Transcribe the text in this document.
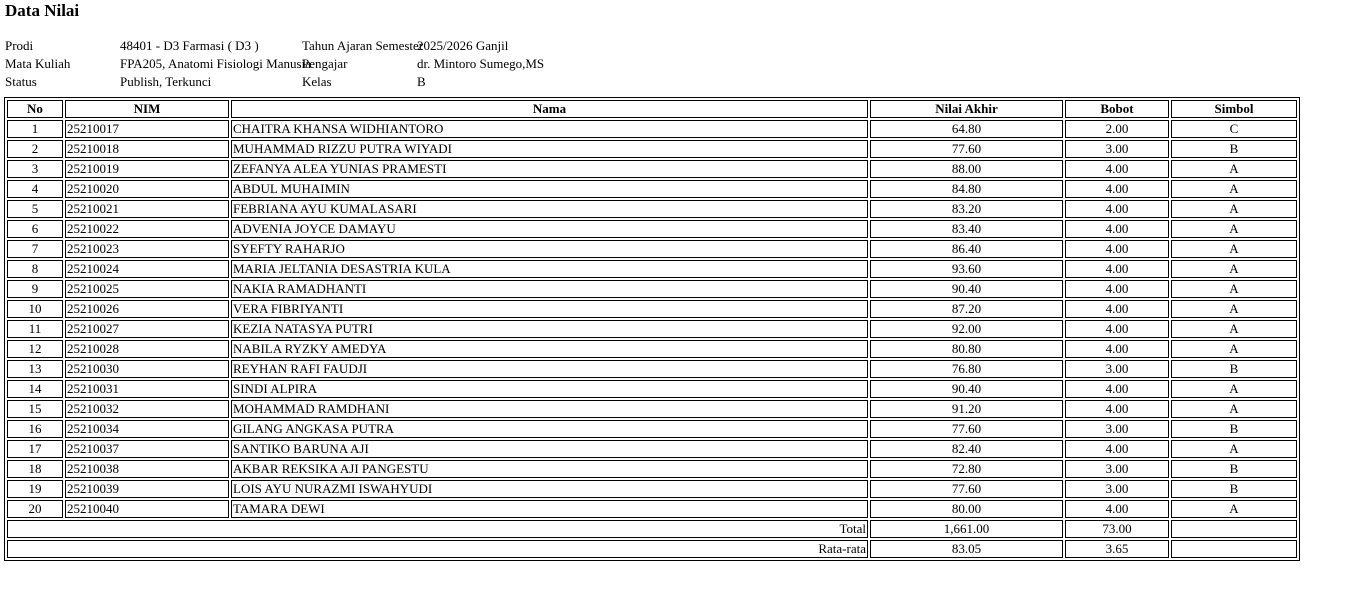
Data Nilai
Prodi	48401 - D3 Farmasi ( D3 )	Tahun Ajaran Semester
2025/2026 Ganjil
Mata Kuliah	FPA205, Anatomi Fisiologi Manusia
Pengajar	dr. Mintoro Sumego,MS
Status	Publish, Terkunci	Kelas	B
No	NIM	Nama	Nilai Akhir	Bobot	Simbol
1	25210017	CHAITRA KHANSA WIDHIANTORO	64.80	2.00	C
2	25210018	MUHAMMAD RIZZU PUTRA WIYADI	77.60	3.00	B
3	25210019	ZEFANYA ALEA YUNIAS PRAMESTI	88.00	4.00	A
4	25210020	ABDUL MUHAIMIN	84.80	4.00	A
5	25210021	FEBRIANA AYU KUMALASARI	83.20	4.00	A
6	25210022	ADVENIA JOYCE DAMAYU	83.40	4.00	A
7	25210023	SYEFTY RAHARJO	86.40	4.00	A
8	25210024	MARIA JELTANIA DESASTRIA KULA	93.60	4.00	A
9	25210025	NAKIA RAMADHANTI	90.40	4.00	A
10	25210026	VERA FIBRIYANTI	87.20	4.00	A
11	25210027	KEZIA NATASYA PUTRI	92.00	4.00	A
12	25210028	NABILA RYZKY AMEDYA	80.80	4.00	A
13	25210030	REYHAN RAFI FAUDJI	76.80	3.00	B
14	25210031	SINDI ALPIRA	90.40	4.00	A
15	25210032	MOHAMMAD RAMDHANI	91.20	4.00	A
16	25210034	GILANG ANGKASA PUTRA	77.60	3.00	B
17	25210037	SANTIKO BARUNA AJI	82.40	4.00	A
18	25210038	AKBAR REKSIKA AJI PANGESTU	72.80	3.00	B
19	25210039	LOIS AYU NURAZMI ISWAHYUDI	77.60	3.00	B
20	25210040	TAMARA DEWI	80.00	4.00	A
Total			1,661.00	73.00	
Rata-rata			83.05	3.65	
